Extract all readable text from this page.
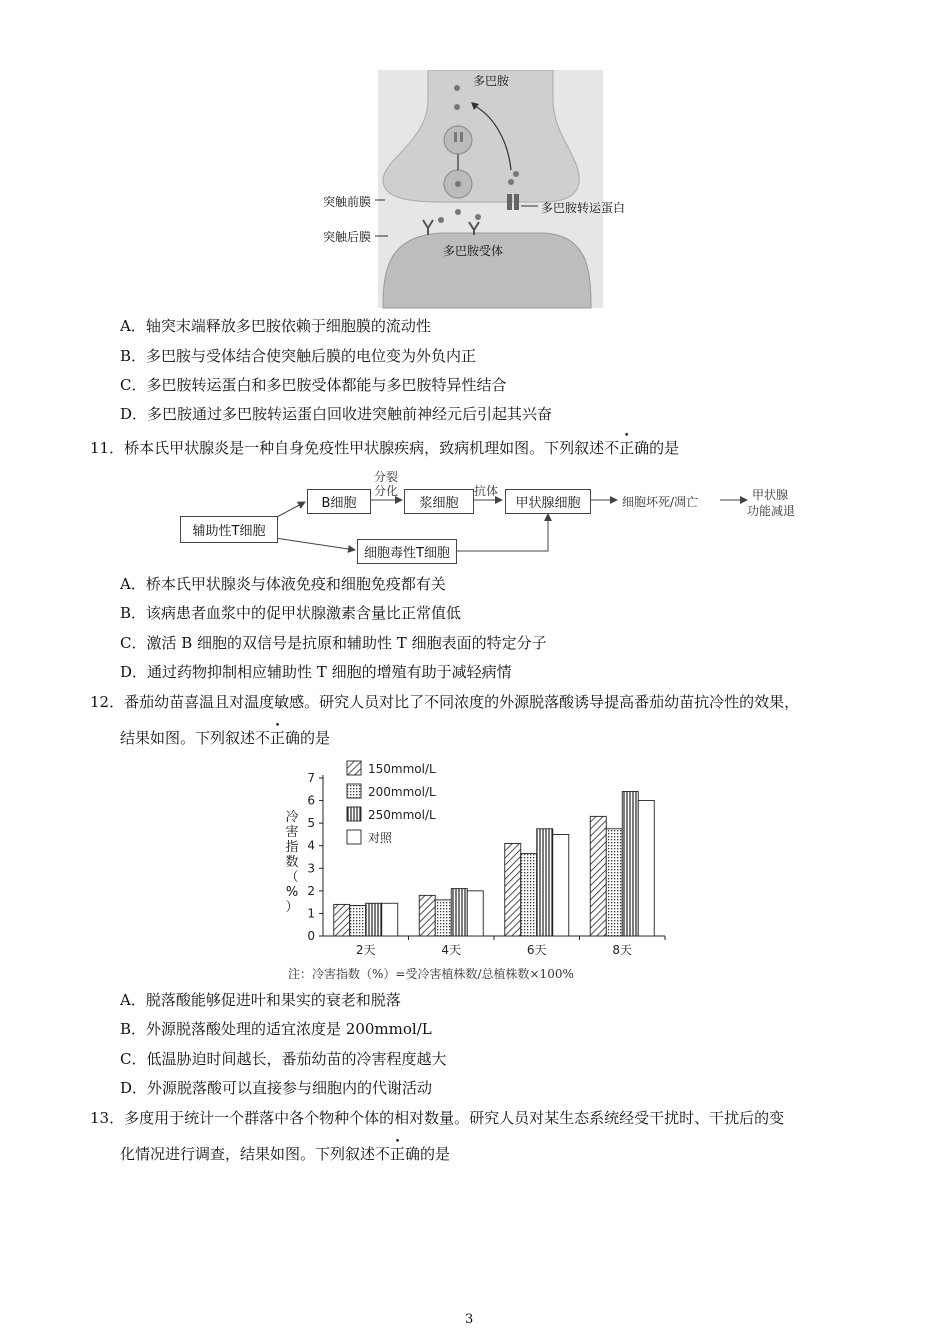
多巴胺
突触前膜
突触后膜
多巴胺转运蛋白
多巴胺受体
A．轴突末端释放多巴胺依赖于细胞膜的流动性
B．多巴胺与受体结合使突触后膜的电位变为外负内正
C．多巴胺转运蛋白和多巴胺受体都能与多巴胺特异性结合
D．多巴胺通过多巴胺转运蛋白回收进突触前神经元后引起其兴奋
11．桥本氏甲状腺炎是一种自身免疫性甲状腺疾病，致病机理如图。下列叙述不正确的是
辅助性T细胞
B细胞	浆细胞	甲状腺细胞
细胞毒性T细胞
细胞坏死/凋亡	甲状腺
功能减退
分裂
分化	抗体
A．桥本氏甲状腺炎与体液免疫和细胞免疫都有关
B．该病患者血浆中的促甲状腺激素含量比正常值低
C．激活 B 细胞的双信号是抗原和辅助性 T 细胞表面的特定分子
D．通过药物抑制相应辅助性 T 细胞的增殖有助于减轻病情
12．番茄幼苗喜温且对温度敏感。研究人员对比了不同浓度的外源脱落酸诱导提高番茄幼苗抗冷性的效果，
结果如图。下列叙述不正确的是
0
1
2
3
4
5
6
7
2天	4天	6天	8天
150mmol/L
200mmol/L
250mmol/L
对照
冷
害
指
数
（
%
）
注：冷害指数（%）=受冷害植株数/总植株数×100%
A．脱落酸能够促进叶和果实的衰老和脱落
B．外源脱落酸处理的适宜浓度是 200mmol/L
C．低温胁迫时间越长，番茄幼苗的冷害程度越大
D．外源脱落酸可以直接参与细胞内的代谢活动
13．多度用于统计一个群落中各个物种个体的相对数量。研究人员对某生态系统经受干扰时、干扰后的变
化情况进行调查，结果如图。下列叙述不正确的是
3
